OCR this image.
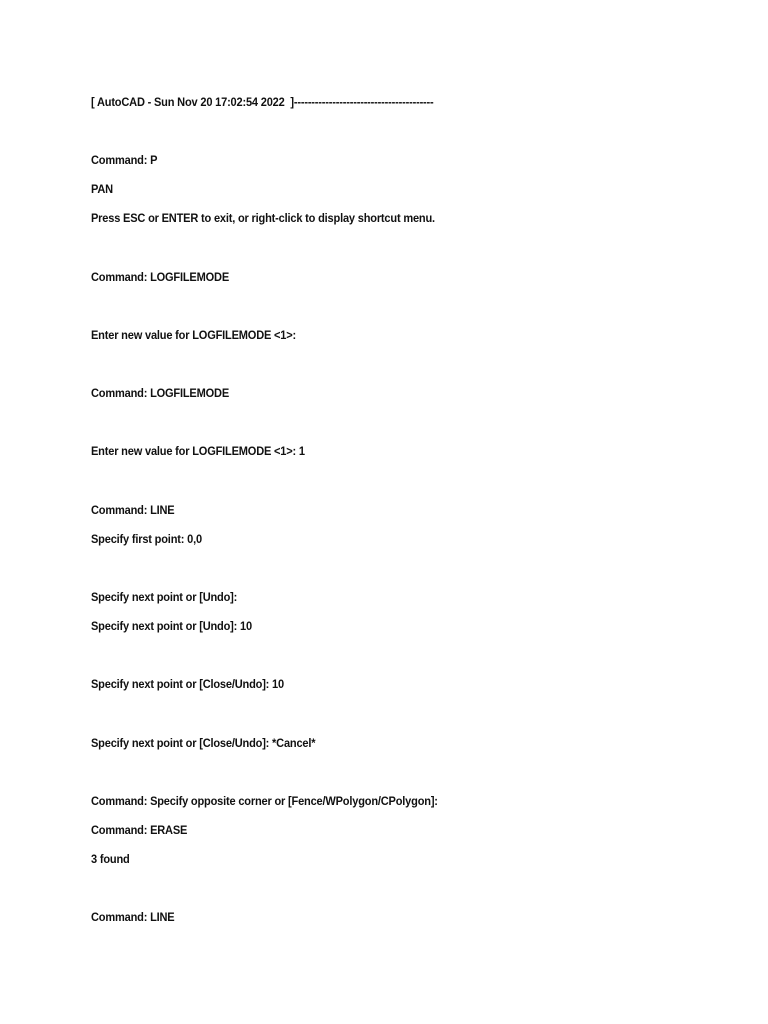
[ AutoCAD - Sun Nov 20 17:02:54 2022  ]----------------------------------------
Command: P
PAN
Press ESC or ENTER to exit, or right-click to display shortcut menu.
Command: LOGFILEMODE
Enter new value for LOGFILEMODE <1>:
Command: LOGFILEMODE
Enter new value for LOGFILEMODE <1>: 1
Command: LINE
Specify first point: 0,0
Specify next point or [Undo]:
Specify next point or [Undo]: 10
Specify next point or [Close/Undo]: 10
Specify next point or [Close/Undo]: *Cancel*
Command: Specify opposite corner or [Fence/WPolygon/CPolygon]:
Command: ERASE
3 found
Command: LINE
